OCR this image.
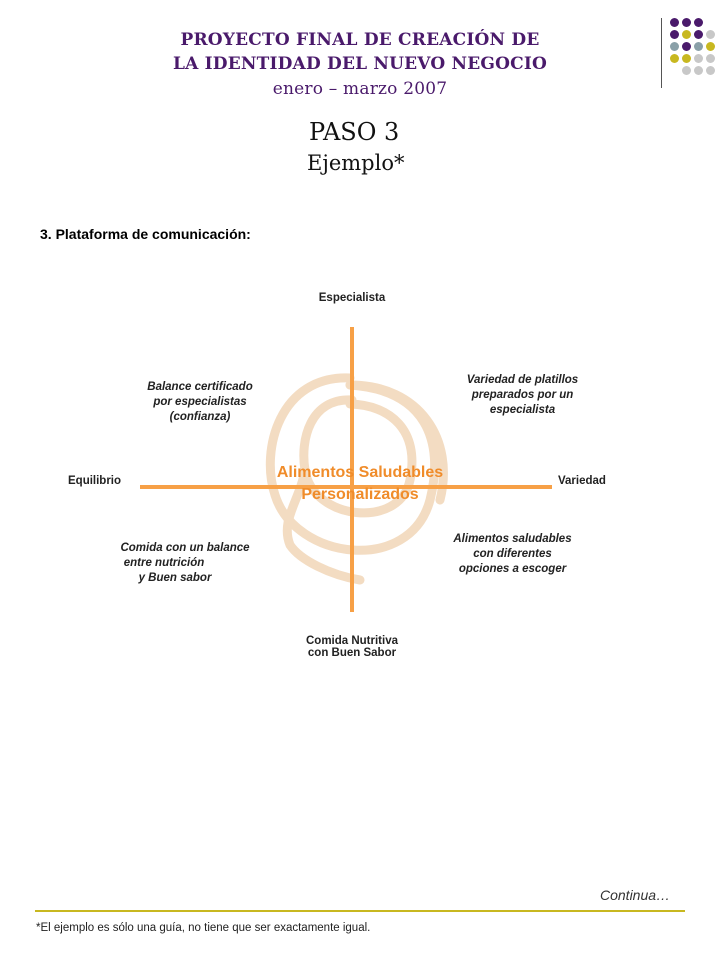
PROYECTO FINAL DE CREACIÓN DE
LA IDENTIDAD DEL NUEVO NEGOCIO
enero – marzo 2007
PASO 3
Ejemplo*
3. Plataforma de comunicación:
Especialista
Equilibrio	Variedad
Comida Nutritiva
con Buen Sabor
Alimentos Saludables
Personalizados
Balance certificado
por especialistas
(confianza)
Variedad de platillos
preparados por un
especialista
Comida con un balance
entre nutrición
y Buen sabor
Alimentos saludables
con diferentes
opciones a escoger
Continua…
*El ejemplo es sólo una guía, no tiene que ser exactamente igual.
